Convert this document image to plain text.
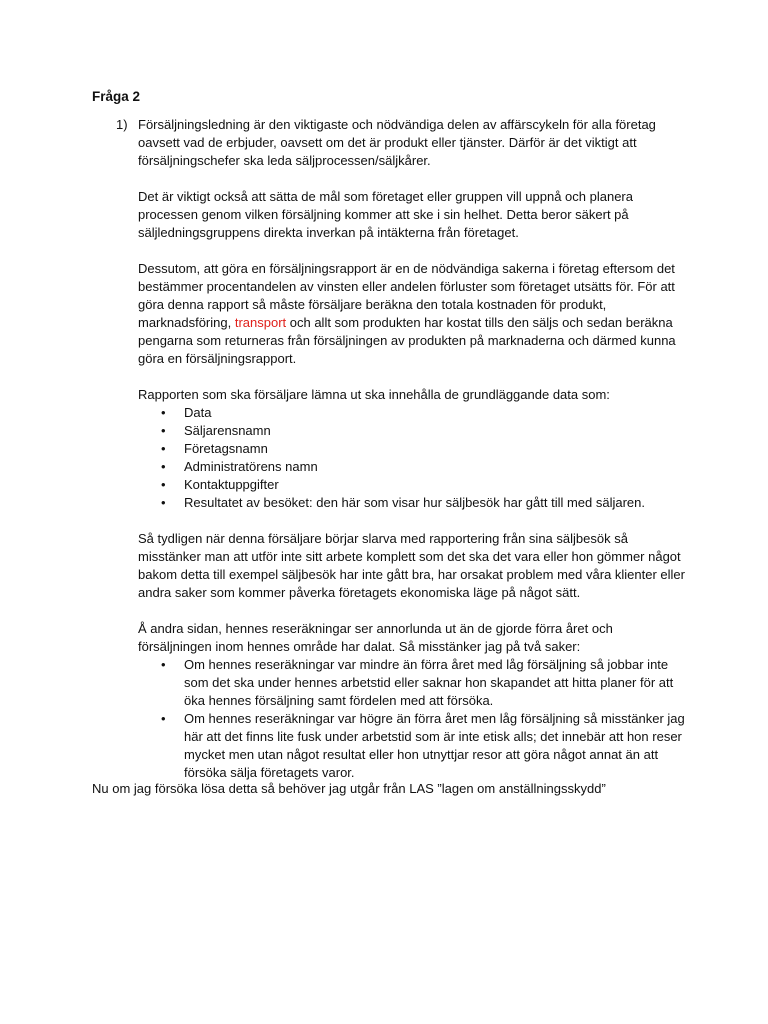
Fråga 2
1) Försäljningsledning är den viktigaste och nödvändiga delen av affärscykeln för alla företag oavsett vad de erbjuder, oavsett om det är produkt eller tjänster. Därför är det viktigt att försäljningschefer ska leda säljprocessen/säljkårer.

Det är viktigt också att sätta de mål som företaget eller gruppen vill uppnå och planera processen genom vilken försäljning kommer att ske i sin helhet. Detta beror säkert på säljledningsgruppens direkta inverkan på intäkterna från företaget.

Dessutom, att göra en försäljningsrapport är en de nödvändiga sakerna i företag eftersom det bestämmer procentandelen av vinsten eller andelen förluster som företaget utsätts för. För att göra denna rapport så måste försäljare beräkna den totala kostnaden för produkt, marknadsföring, transport och allt som produkten har kostat tills den säljs och sedan beräkna pengarna som returneras från försäljningen av produkten på marknaderna och därmed kunna göra en försäljningsrapport.

Rapporten som ska försäljare lämna ut ska innehålla de grundläggande data som:

• Data
• Säljarensnamn
• Företagsnamn
• Administratörens namn
• Kontaktuppgifter
• Resultatet av besöket: den här som visar hur säljbesök har gått till med säljaren.

Så tydligen när denna försäljare börjar slarva med rapportering från sina säljbesök så misstänker man att utför inte sitt arbete komplett som det ska det vara eller hon gömmer något bakom detta till exempel säljbesök har inte gått bra, har orsakat problem med våra klienter eller andra saker som kommer påverka företagets ekonomiska läge på något sätt.

Å andra sidan, hennes reseräkningar ser annorlunda ut än de gjorde förra året och försäljningen inom hennes område har dalat. Så misstänker jag på två saker:

• Om hennes reseräkningar var mindre än förra året med låg försäljning så jobbar inte som det ska under hennes arbetstid eller saknar hon skapandet att hitta planer för att öka hennes försäljning samt fördelen med att försöka.
• Om hennes reseräkningar var högre än förra året men låg försäljning så misstänker jag här att det finns lite fusk under arbetstid som är inte etisk alls; det innebär att hon reser mycket men utan något resultat eller hon utnyttjar resor att göra något annat än att försöka sälja företagets varor.
Nu om jag försöka lösa detta så behöver jag utgår från LAS ”lagen om anställningsskydd”
